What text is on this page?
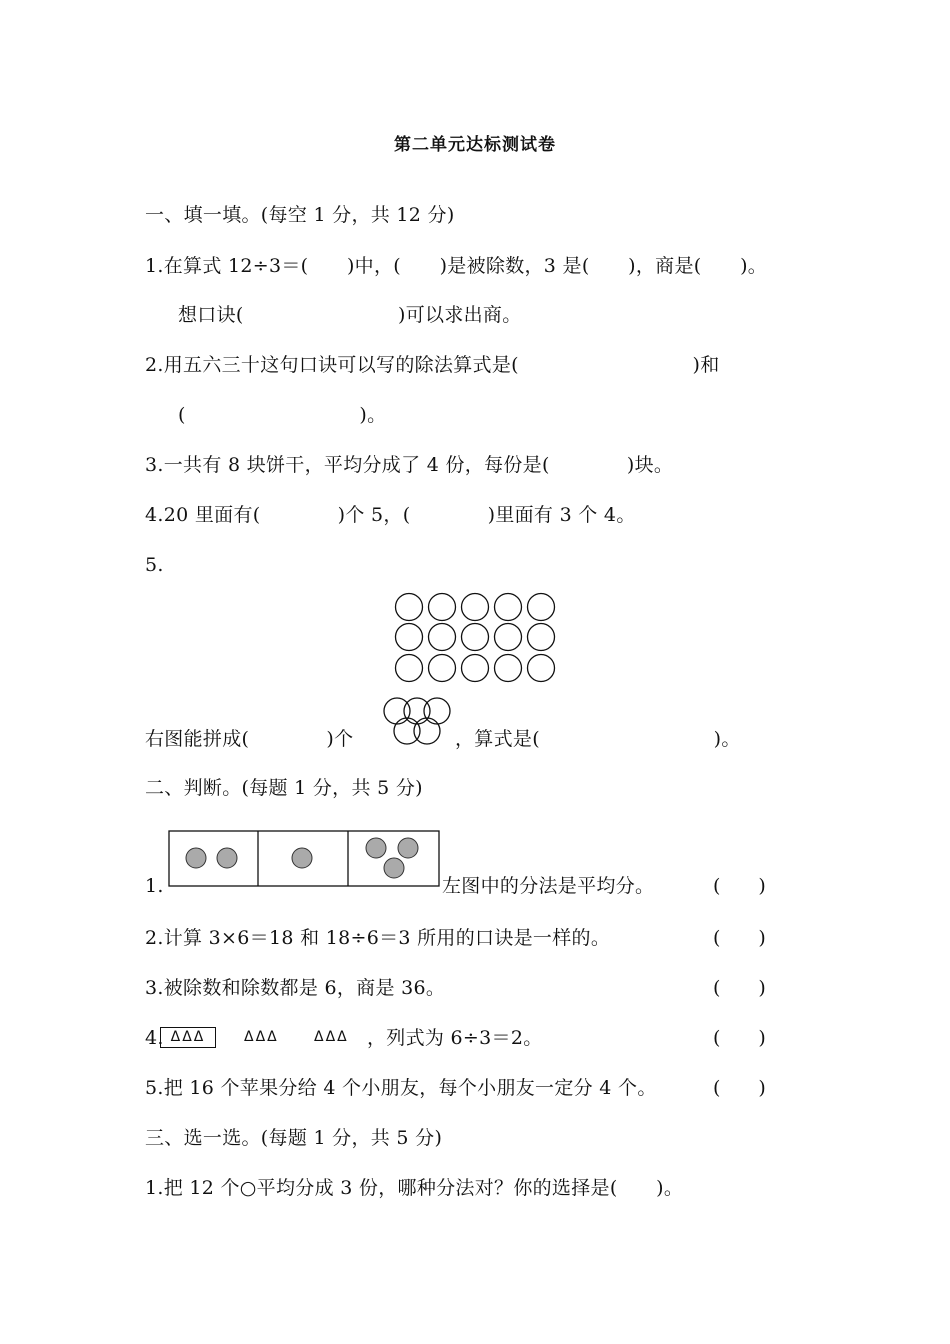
第二单元达标测试卷
一、填一填。(每空 1 分，共 12 分)
1.在算式 12÷3＝(　　)中，(　　)是被除数，3 是(　　)，商是(　　)。
想口诀(　　　　　　　　)可以求出商。
2.用五六三十这句口诀可以写的除法算式是(　　　　　　　　　)和
(　　　　　　　　　)。
3.一共有 8 块饼干，平均分成了 4 份，每份是(　　　　)块。
4.20 里面有(　　　　)个 5，(　　　　)里面有 3 个 4。
5.
右图能拼成(　　　　)个	，算式是(　　　　　　　　　)。
二、判断。(每题 1 分，共 5 分)
1.	左图中的分法是平均分。	(　　)
2.计算 3×6＝18 和 18÷6＝3 所用的口诀是一样的。	(　　)
3.被除数和除数都是 6，商是 36。	(　　)
4. ΔΔΔ	ΔΔΔ	ΔΔΔ ，列式为 6÷3＝2。	(　　)
5.把 16 个苹果分给 4 个小朋友，每个小朋友一定分 4 个。	(　　)
三、选一选。(每题 1 分，共 5 分)
1.把 12 个○平均分成 3 份，哪种分法对？你的选择是(　　)。
